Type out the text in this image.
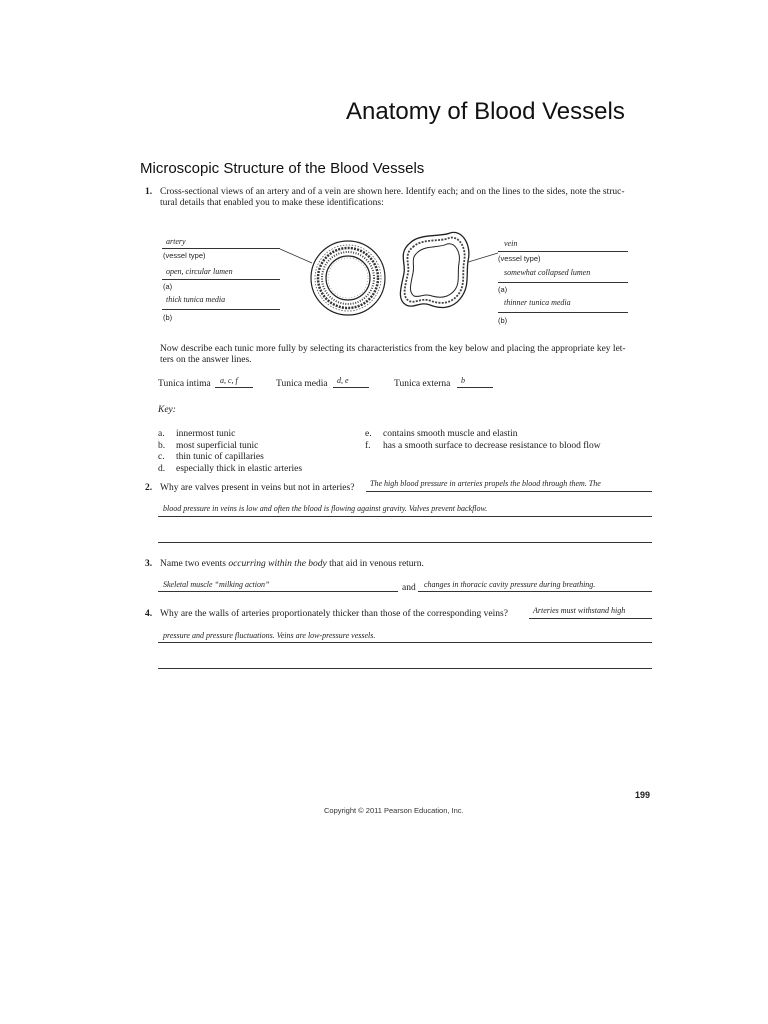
Anatomy of Blood Vessels
Microscopic Structure of the Blood Vessels
1. Cross-sectional views of an artery and of a vein are shown here. Identify each; and on the lines to the sides, note the struc-
tural details that enabled you to make these identifications:
artery
(vessel type)
open, circular lumen
(a)
thick tunica media
(b)
vein
(vessel type)
somewhat collapsed lumen
(a)
thinner tunica media
(b)
Now describe each tunic more fully by selecting its characteristics from the key below and placing the appropriate key let-
ters on the answer lines.
Tunica intima a, c, f	Tunica media d, e	Tunica externa b
Key:
a. innermost tunic
b. most superficial tunic
c. thin tunic of capillaries
d. especially thick in elastic arteries
e. contains smooth muscle and elastin
f. has a smooth surface to decrease resistance to blood flow
2. Why are valves present in veins but not in arteries? The high blood pressure in arteries propels the blood through them. The
blood pressure in veins is low and often the blood is flowing against gravity. Valves prevent backflow.
3. Name two events occurring within the body that aid in venous return.
Skeletal muscle “milking action”	and changes in thoracic cavity pressure during breathing.
4. Why are the walls of arteries proportionately thicker than those of the corresponding veins?	Arteries must withstand high
pressure and pressure fluctuations. Veins are low-pressure vessels.
199
Copyright © 2011 Pearson Education, Inc.
